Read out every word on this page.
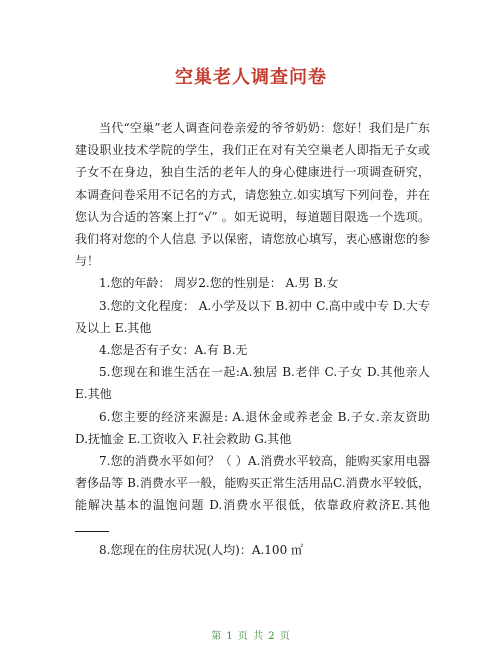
空巢老人调查问卷

当代“空巢”老人调查问卷亲爱的爷爷奶奶：您好！我们是广东建设职业技术学院的学生，我们正在对有关空巢老人即指无子女或子女不在身边，独自生活的老年人的身心健康进行一项调查研究， 本调查问卷采用不记名的方式，请您独立.如实填写下列问卷，并在您认为合适的答案上打“√” 。如无说明，每道题目限选一个选项。我们将对您的个人信息 予以保密，请您放心填写，衷心感谢您的参与！

1.您的年龄： 周岁2.您的性别是： A.男 B.女

3.您的文化程度： A.小学及以下 B.初中 C.高中或中专 D.大专及以上 E.其他

4.您是否有子女：A.有 B.无

5.您现在和谁生活在一起:A.独居 B.老伴 C.子女 D.其他亲人 E.其他

6.您主要的经济来源是: A.退休金或养老金 B.子女.亲友资助 D.抚恤金 E.工资收入 F.社会救助 G.其他

7.您的消费水平如何？（ ）A.消费水平较高，能购买家用电器奢侈品等 B.消费水平一般，能购买正常生活用品C.消费水平较低，能解决基本的温饱问题 D.消费水平很低，依靠政府救济E.其他

8.您现在的住房状况(人均)：A.100 ㎡

第 1 页 共 2 页
